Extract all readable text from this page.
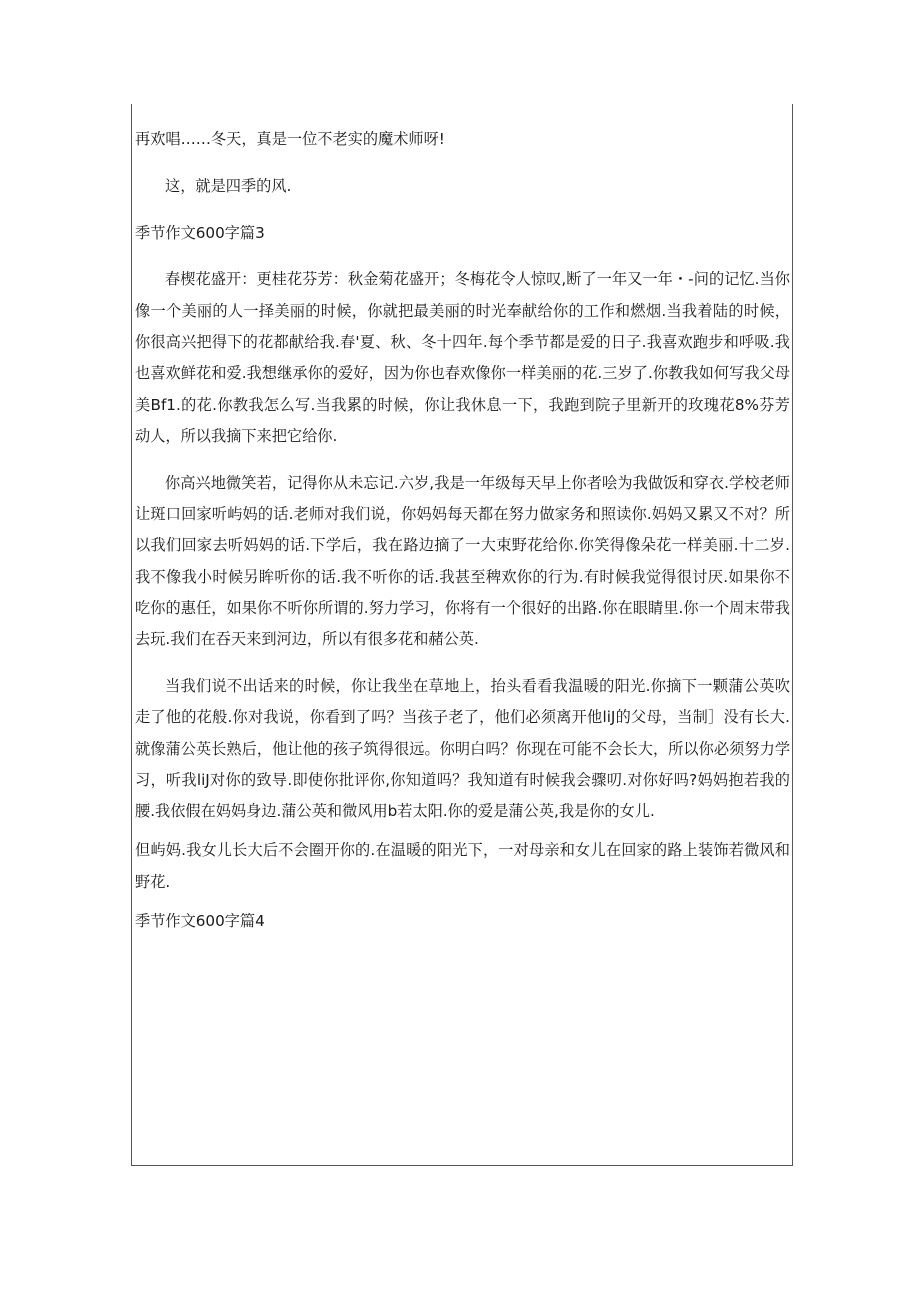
再欢唱……冬天，真是一位不老实的魔术师呀!

这，就是四季的风.

季节作文600字篇3

春楔花盛开：更桂花芬芳：秋金菊花盛开；冬梅花令人惊叹,断了一年又一年・-问的记忆.当你像一个美丽的人一择美丽的时候，你就把最美丽的时光奉献给你的工作和燃烟.当我着陆的时候，你很高兴把得下的花都献给我.春'夏、秋、冬十四年.每个季节都是爱的日子.我喜欢跑步和呼吸.我也喜欢鲜花和爱.我想继承你的爱好，因为你也春欢像你一样美丽的花.三岁了.你教我如何写我父母美Bf1.的花.你教我怎么写.当我累的时候，你让我休息一下，我跑到院子里新开的玫瑰花8%芬芳动人，所以我摘下来把它给你.

你高兴地微笑若，记得你从未忘记.六岁,我是一年级每天早上你者哙为我做饭和穿衣.学校老师让斑口回家听屿妈的话.老师对我们说，你妈妈每天都在努力做家务和照读你.妈妈又累又不对？所以我们回家去听妈妈的话.下学后，我在路边摘了一大束野花给你.你笑得像朵花一样美丽.十二岁.我不像我小时候另眸听你的话.我不听你的话.我甚至稗欢你的行为.有时候我觉得很讨厌.如果你不吃你的惠任，如果你不听你所谓的.努力学习，你将有一个很好的出路.你在眼睛里.你一个周末带我去玩.我们在吞天来到河边，所以有很多花和赭公英.

当我们说不出话来的时候，你让我坐在草地上，抬头看看我温暖的阳光.你摘下一颗蒲公英吹走了他的花般.你对我说，你看到了吗？当孩子老了，他们必须离开他liJ的父母，当制］没有长大.就像蒲公英长熟后，他让他的孩子筑得很远。你明白吗？你现在可能不会长大，所以你必须努力学习，听我liJ对你的致导.即使你批评你,你知道吗？我知道有时候我会骤叨.对你好吗?妈妈抱若我的腰.我依假在妈妈身边.蒲公英和微风用b若太阳.你的爱是蒲公英,我是你的女儿.

但屿妈.我女儿长大后不会圈开你的.在温暖的阳光下，一对母亲和女儿在回家的路上装饰若微风和野花.

季节作文600字篇4
